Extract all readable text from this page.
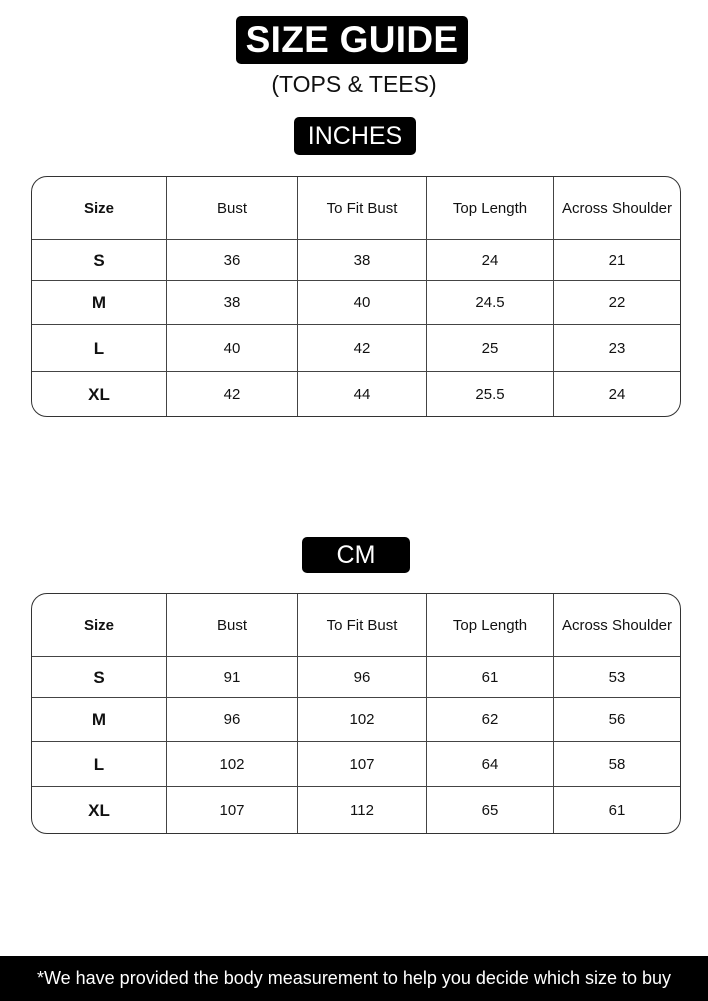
SIZE GUIDE
(TOPS & TEES)
INCHES
Size	Bust	To Fit Bust	Top Length	Across Shoulder
S	36	38	24	21
M	38	40	24.5	22
L	40	42	25	23
XL	42	44	25.5	24
CM
Size	Bust	To Fit Bust	Top Length	Across Shoulder
S	91	96	61	53
M	96	102	62	56
L	102	107	64	58
XL	107	112	65	61
*We have provided the body measurement to help you decide which size to buy
